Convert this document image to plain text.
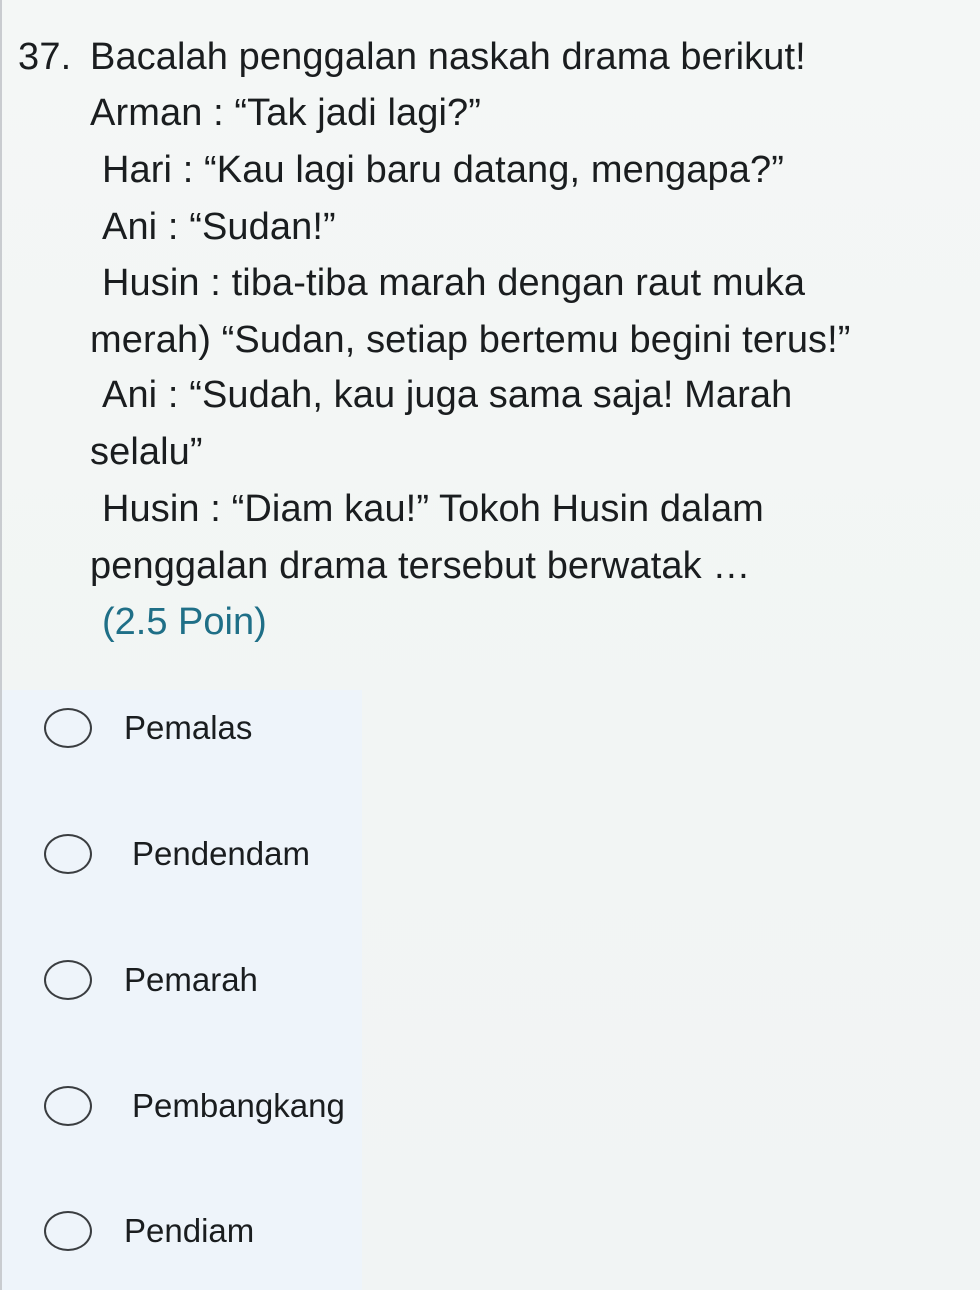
37. Bacalah penggalan naskah drama berikut!
Arman : “Tak jadi lagi?”
Hari : “Kau lagi baru datang, mengapa?”
Ani : “Sudan!”
Husin : tiba-tiba marah dengan raut muka
merah) “Sudan, setiap bertemu begini terus!”
Ani : “Sudah, kau juga sama saja! Marah
selalu”
Husin : “Diam kau!” Tokoh Husin dalam
penggalan drama tersebut berwatak …
(2.5 Poin)
Pemalas
Pendendam
Pemarah
Pembangkang
Pendiam
